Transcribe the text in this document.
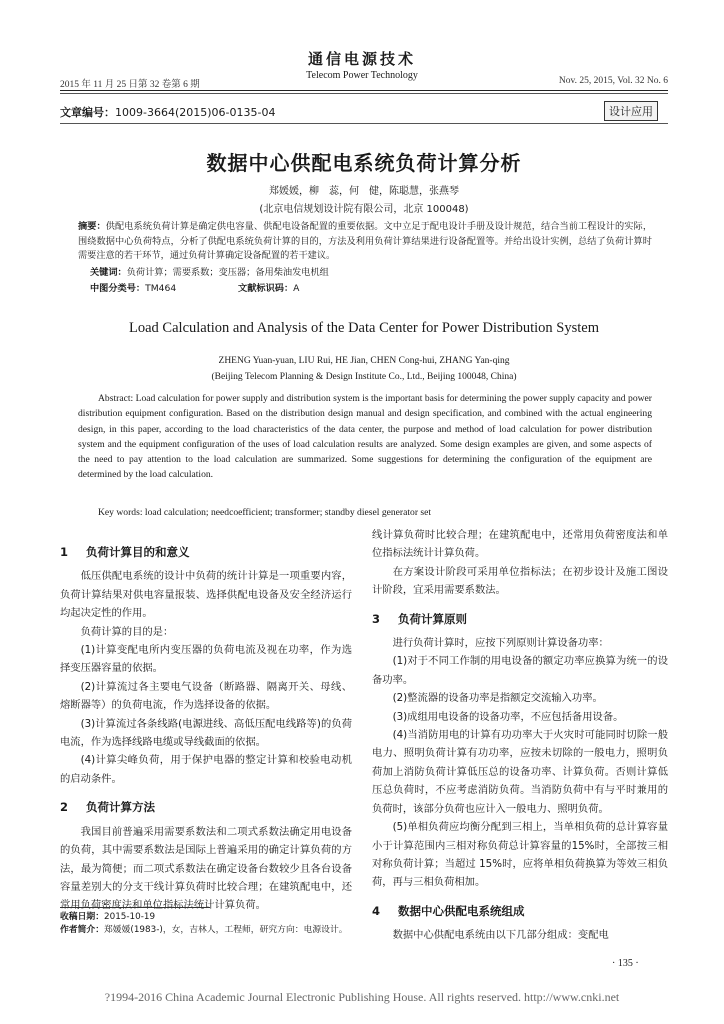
2015 年 11 月 25 日第 32 卷第 6 期
通信电源技术
Telecom Power Technology	Nov. 25, 2015, Vol. 32 No. 6
文章编号：1009-3664(2015)06-0135-04	设计应用
数据中心供配电系统负荷计算分析
郑媛媛，柳　蕊，何　健，陈聪慧，张燕琴
(北京电信规划设计院有限公司，北京 100048)
摘要：供配电系统负荷计算是确定供电容量、供配电设备配置的重要依据。文中立足于配电设计手册及设计规范，结合当前工程设计的实际，围绕数据中心负荷特点，分析了供配电系统负荷计算的目的，方法及利用负荷计算结果进行设备配置等。并给出设计实例，总结了负荷计算时需要注意的若干环节，通过负荷计算确定设备配置的若干建议。
关键词：负荷计算；需要系数；变压器；备用柴油发电机组
中图分类号：TM464	文献标识码：A
Load Calculation and Analysis of the Data Center for Power Distribution System
ZHENG Yuan-yuan, LIU Rui, HE Jian, CHEN Cong-hui, ZHANG Yan-qing
(Beijing Telecom Planning & Design Institute Co., Ltd., Beijing 100048, China)
Abstract: Load calculation for power supply and distribution system is the important basis for determining the power supply capacity and power distribution equipment configuration. Based on the distribution design manual and design specification, and combined with the actual engineering design, in this paper, according to the load characteristics of the data center, the purpose and method of load calculation for power distribution system and the equipment configuration of the uses of load calculation results are analyzed. Some design examples are given, and some aspects of the need to pay attention to the load calculation are summarized. Some suggestions for determining the configuration of the equipment are determined by the load calculation.
Key words: load calculation; needcoefficient; transformer; standby diesel generator set
1 负荷计算目的和意义

低压供配电系统的设计中负荷的统计计算是一项重要内容，负荷计算结果对供电容量报装、选择供配电设备及安全经济运行均起决定性的作用。

负荷计算的目的是：

(1)计算变配电所内变压器的负荷电流及视在功率，作为选择变压器容量的依据。

(2)计算流过各主要电气设备（断路器、隔离开关、母线、熔断器等）的负荷电流，作为选择设备的依据。

(3)计算流过各条线路(电源进线、高低压配电线路等)的负荷电流，作为选择线路电缆或导线截面的依据。

(4)计算尖峰负荷，用于保护电器的整定计算和校验电动机的启动条件。

2 负荷计算方法

我国目前普遍采用需要系数法和二项式系数法确定用电设备的负荷，其中需要系数法是国际上普遍采用的确定计算负荷的方法，最为简便；而二项式系数法在确定设备台数较少且各台设备容量差别大的分支干线计算负荷时比较合理；在建筑配电中，还常用负荷密度法和单位指标法统计计算负荷。

收稿日期：2015-10-19
作者简介：郑媛媛(1983-)，女，吉林人，工程师，研究方向：电源设计。

线计算负荷时比较合理；在建筑配电中，还常用负荷密度法和单位指标法统计计算负荷。

在方案设计阶段可采用单位指标法；在初步设计及施工图设计阶段，宜采用需要系数法。

3 负荷计算原则

进行负荷计算时，应按下列原则计算设备功率：

(1)对于不同工作制的用电设备的额定功率应换算为统一的设备功率。

(2)整流器的设备功率是指额定交流输入功率。

(3)成组用电设备的设备功率，不应包括备用设备。

(4)当消防用电的计算有功功率大于火灾时可能同时切除一般电力、照明负荷计算有功功率，应按未切除的一般电力，照明负荷加上消防负荷计算低压总的设备功率、计算负荷。否则计算低压总负荷时，不应考虑消防负荷。当消防负荷中有与平时兼用的负荷时，该部分负荷也应计入一般电力、照明负荷。

(5)单相负荷应均衡分配到三相上，当单相负荷的总计算容量小于计算范围内三相对称负荷总计算容量的15%时，全部按三相对称负荷计算；当超过 15%时，应将单相负荷换算为等效三相负荷，再与三相负荷相加。

4 数据中心供配电系统组成

数据中心供配电系统由以下几部分组成：变配电

· 135 ·
?1994-2016 China Academic Journal Electronic Publishing House. All rights reserved. http://www.cnki.net
